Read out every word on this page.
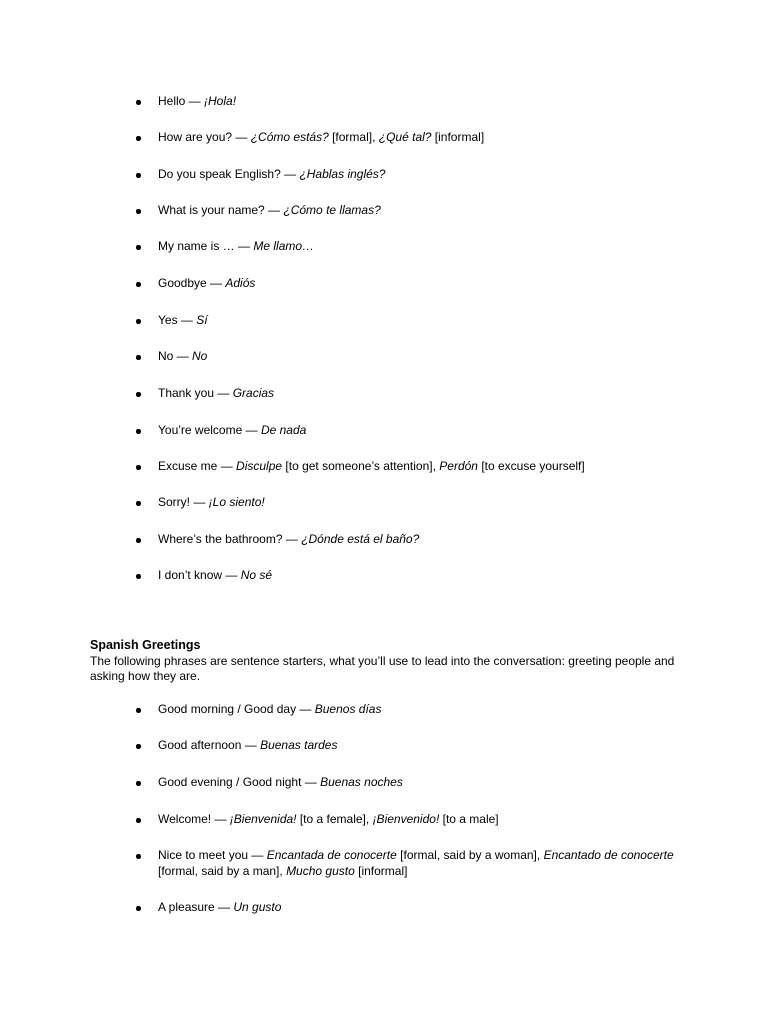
Hello — ¡Hola!
How are you? — ¿Cómo estás? [formal], ¿Qué tal? [informal]
Do you speak English? — ¿Hablas inglés?
What is your name? — ¿Cómo te llamas?
My name is … — Me llamo…
Goodbye — Adiós
Yes — Sí
No — No
Thank you — Gracias
You’re welcome — De nada
Excuse me — Disculpe [to get someone’s attention], Perdón [to excuse yourself]
Sorry! — ¡Lo siento!
Where’s the bathroom? — ¿Dónde está el baño?
I don’t know — No sé
Spanish Greetings
The following phrases are sentence starters, what you’ll use to lead into the conversation: greeting people and asking how they are.
Good morning / Good day — Buenos días
Good afternoon — Buenas tardes
Good evening / Good night — Buenas noches
Welcome! — ¡Bienvenida! [to a female], ¡Bienvenido! [to a male]
Nice to meet you — Encantada de conocerte [formal, said by a woman], Encantado de conocerte [formal, said by a man], Mucho gusto [informal]
A pleasure — Un gusto
